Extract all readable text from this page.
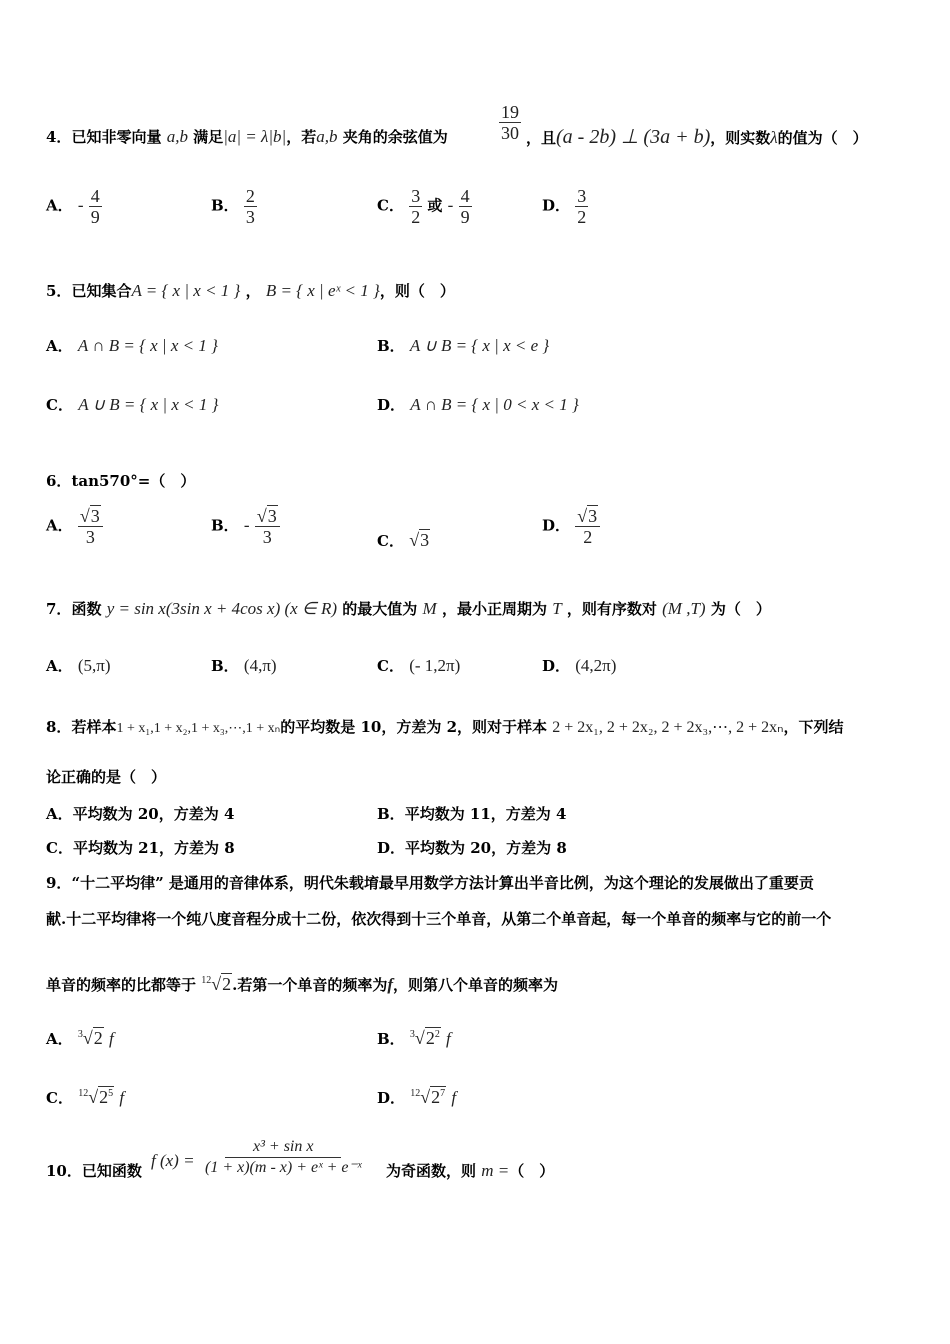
4．已知非零向量 a,b 满足|a| = λ|b|，若a,b 夹角的余弦值为	$\frac{19}{30}$ ，且(a - 2b) ⊥ (3a + b)，则实数λ的值为（　）
A． - $\frac{4}{9}$	B． $\frac{2}{3}$	C． $\frac{3}{2}$ 或 - $\frac{4}{9}$	D． $\frac{3}{2}$
5．已知集合A = { x | x < 1 } ， B = { x | eˣ < 1 }，则（　）
A． A ∩ B = { x | x < 1 }	B． A ∪ B = { x | x < e }
C． A ∪ B = { x | x < 1 }	D． A ∩ B = { x | 0 < x < 1 }
6．tan570°=（　）
A． $\frac{√3}{3}$	B． - $\frac{√3}{3}$	C． √3
D． $\frac{√3}{2}$
7．函数 y = sin x(3sin x + 4cos x) (x ∈ R) 的最大值为 M ，最小正周期为 T ，则有序数对 (M ,T) 为（　）
A． (5,π)	B． (4,π)	C． (- 1,2π)	D． (4,2π)
8．若样本1 + x₁,1 + x₂,1 + x₃,⋯,1 + xₙ的平均数是 10，方差为 2，则对于样本 2 + 2x₁, 2 + 2x₂, 2 + 2x₃,⋯, 2 + 2xₙ，下列结
论正确的是（　）
A．平均数为 20，方差为 4	B．平均数为 11，方差为 4
C．平均数为 21，方差为 8	D．平均数为 20，方差为 8
9．“十二平均律” 是通用的音律体系，明代朱载堉最早用数学方法计算出半音比例，为这个理论的发展做出了重要贡
献.十二平均律将一个纯八度音程分成十二份，依次得到十三个单音，从第二个单音起，每一个单音的频率与它的前一个
单音的频率的比都等于 $^{12}$√2.若第一个单音的频率为f，则第八个单音的频率为
A． $^3$√2 f	B． $^3√2^2$ f
C． $^{12}√2^5$ f	D． $^{12}√2^7$ f
10．已知函数
f $(x) = \frac{\text{x³ + sin x}}{\text{(1 + x)(m - x) + eˣ + e⁻ˣ}}$ 为奇函数，则 m =（　）
